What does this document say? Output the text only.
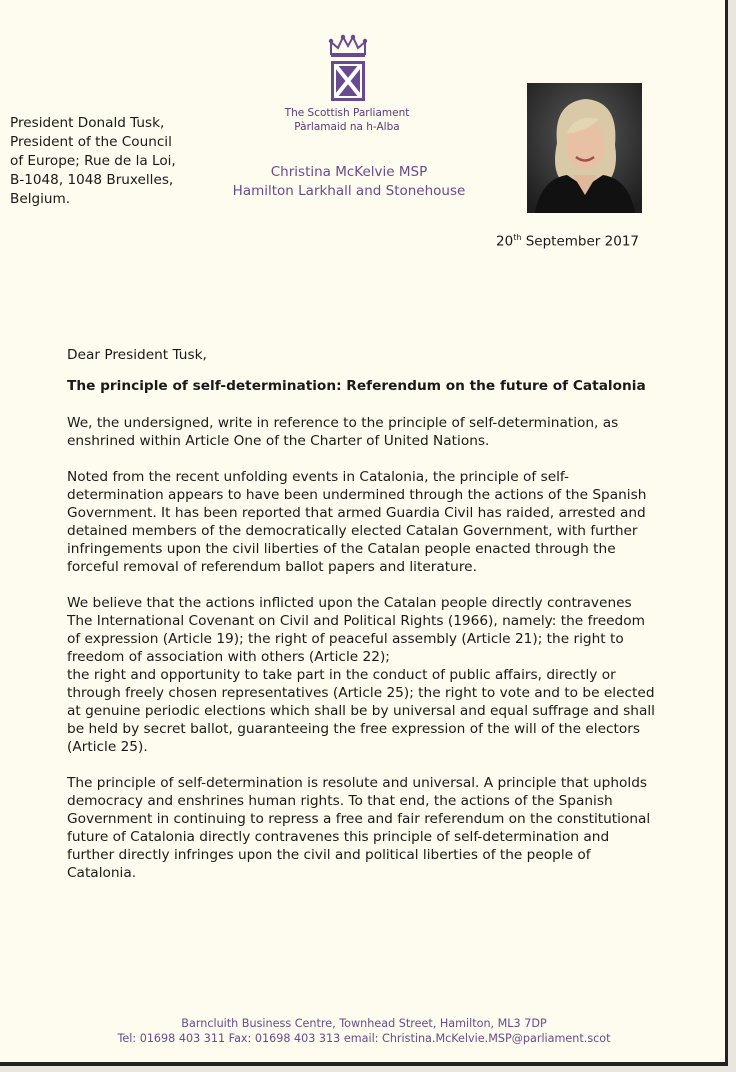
President Donald Tusk,
President of the Council
of Europe; Rue de la Loi,
B-1048, 1048 Bruxelles,
Belgium.
The Scottish Parliament
Pàrlamaid na h-Alba
Christina McKelvie MSP
Hamilton Larkhall and Stonehouse
20th September 2017
Dear President Tusk,
The principle of self-determination: Referendum on the future of Catalonia
We, the undersigned, write in reference to the principle of self-determination, as
enshrined within Article One of the Charter of United Nations.
Noted from the recent unfolding events in Catalonia, the principle of self-
determination appears to have been undermined through the actions of the Spanish
Government. It has been reported that armed Guardia Civil has raided, arrested and
detained members of the democratically elected Catalan Government, with further
infringements upon the civil liberties of the Catalan people enacted through the
forceful removal of referendum ballot papers and literature.
We believe that the actions inflicted upon the Catalan people directly contravenes
The International Covenant on Civil and Political Rights (1966), namely: the freedom
of expression (Article 19); the right of peaceful assembly (Article 21); the right to
freedom of association with others (Article 22);
the right and opportunity to take part in the conduct of public affairs, directly or
through freely chosen representatives (Article 25); the right to vote and to be elected
at genuine periodic elections which shall be by universal and equal suffrage and shall
be held by secret ballot, guaranteeing the free expression of the will of the electors
(Article 25).
The principle of self-determination is resolute and universal. A principle that upholds
democracy and enshrines human rights. To that end, the actions of the Spanish
Government in continuing to repress a free and fair referendum on the constitutional
future of Catalonia directly contravenes this principle of self-determination and
further directly infringes upon the civil and political liberties of the people of
Catalonia.
Barncluith Business Centre, Townhead Street, Hamilton, ML3 7DP
Tel: 01698 403 311 Fax: 01698 403 313 email: Christina.McKelvie.MSP@parliament.scot
